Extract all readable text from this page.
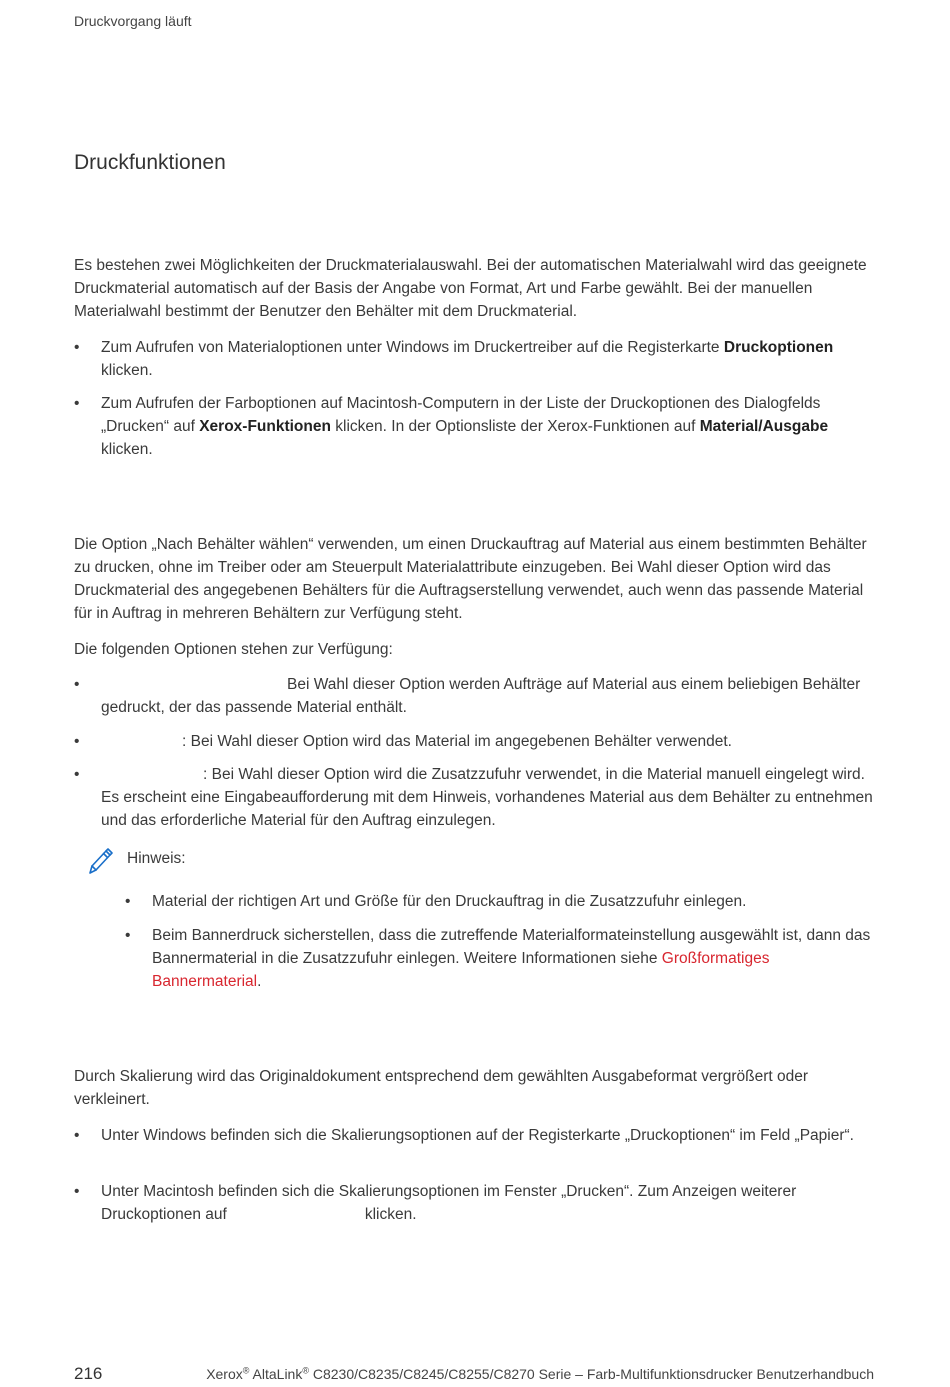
Druckvorgang läuft
Druckfunktionen

Es bestehen zwei Möglichkeiten der Druckmaterialauswahl. Bei der automatischen Materialwahl wird das geeignete Druckmaterial automatisch auf der Basis der Angabe von Format, Art und Farbe gewählt. Bei der manuellen Materialwahl bestimmt der Benutzer den Behälter mit dem Druckmaterial.

•	Zum Aufrufen von Materialoptionen unter Windows im Druckertreiber auf die Registerkarte Druckoptionen klicken.
•	Zum Aufrufen der Farboptionen auf Macintosh-Computern in der Liste der Druckoptionen des Dialogfelds „Drucken“ auf Xerox-Funktionen klicken. In der Optionsliste der Xerox-Funktionen auf Material/Ausgabe klicken.

Die Option „Nach Behälter wählen“ verwenden, um einen Druckauftrag auf Material aus einem bestimmten Behälter zu drucken, ohne im Treiber oder am Steuerpult Materialattribute einzugeben. Bei Wahl dieser Option wird das Druckmaterial des angegebenen Behälters für die Auftragserstellung verwendet, auch wenn das passende Material für in Auftrag in mehreren Behältern zur Verfügung steht.

Die folgenden Optionen stehen zur Verfügung:

•	Bei Wahl dieser Option werden Aufträge auf Material aus einem beliebigen Behälter gedruckt, der das passende Material enthält.
•	: Bei Wahl dieser Option wird das Material im angegebenen Behälter verwendet.
•	: Bei Wahl dieser Option wird die Zusatzzufuhr verwendet, in die Material manuell eingelegt wird. Es erscheint eine Eingabeaufforderung mit dem Hinweis, vorhandenes Material aus dem Behälter zu entnehmen und das erforderliche Material für den Auftrag einzulegen.
Hinweis:
•	Material der richtigen Art und Größe für den Druckauftrag in die Zusatzzufuhr einlegen.
•	Beim Bannerdruck sicherstellen, dass die zutreffende Materialformateinstellung ausgewählt ist, dann das Bannermaterial in die Zusatzzufuhr einlegen. Weitere Informationen siehe Großformatiges Bannermaterial.

Durch Skalierung wird das Originaldokument entsprechend dem gewählten Ausgabeformat vergrößert oder verkleinert.

•	Unter Windows befinden sich die Skalierungsoptionen auf der Registerkarte „Druckoptionen“ im Feld „Papier“.
•	Unter Macintosh befinden sich die Skalierungsoptionen im Fenster „Drucken“. Zum Anzeigen weiterer Druckoptionen auf	klicken.
216	Xerox® AltaLink® C8230/C8235/C8245/C8255/C8270 Serie – Farb-Multifunktionsdrucker Benutzerhandbuch
